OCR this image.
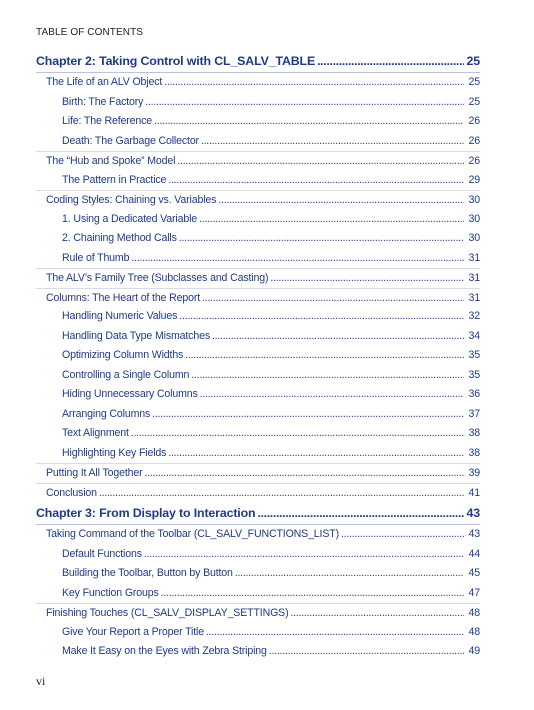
TABLE OF CONTENTS
Chapter 2: Taking Control with CL_SALV_TABLE . . .	25
The Life of an ALV Object . . .	25
Birth: The Factory . . .	25
Life: The Reference . . .	26
Death: The Garbage Collector . . .	26
The “Hub and Spoke” Model . . .	26
The Pattern in Practice . . .	29
Coding Styles: Chaining vs. Variables . . .	30
1. Using a Dedicated Variable . . .	30
2. Chaining Method Calls . . .	30
Rule of Thumb . . .	31
The ALV’s Family Tree (Subclasses and Casting) . . .	31
Columns: The Heart of the Report . . .	31
Handling Numeric Values . . .	32
Handling Data Type Mismatches . . .	34
Optimizing Column Widths . . .	35
Controlling a Single Column . . .	35
Hiding Unnecessary Columns . . .	36
Arranging Columns . . .	37
Text Alignment . . .	38
Highlighting Key Fields . . .	38
Putting It All Together . . .	39
Conclusion . . .	41
Chapter 3: From Display to Interaction . . .	43
Taking Command of the Toolbar (CL_SALV_FUNCTIONS_LIST) . . .	43
Default Functions . . .	44
Building the Toolbar, Button by Button . . .	45
Key Function Groups . . .	47
Finishing Touches (CL_SALV_DISPLAY_SETTINGS) . . .	48
Give Your Report a Proper Title . . .	48
Make It Easy on the Eyes with Zebra Striping . . .	49
vi
